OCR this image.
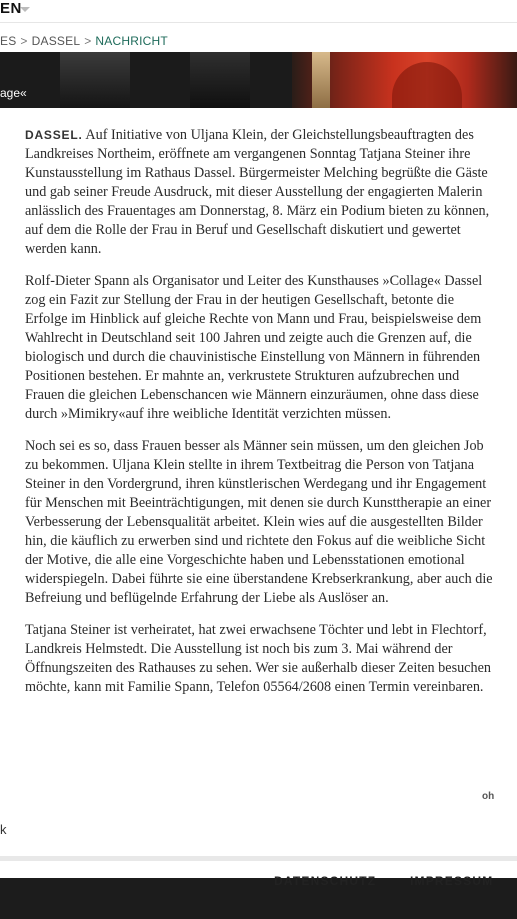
EN
ES > DASSEL > NACHRICHT
age«

DASSEL. Auf Initiative von Uljana Klein, der Gleichstellungsbeauftragten des Landkreises Northeim, eröffnete am vergangenen Sonntag Tatjana Steiner ihre Kunstausstellung im Rathaus Dassel. Bürgermeister Melching begrüßte die Gäste und gab seiner Freude Ausdruck, mit dieser Ausstellung der engagierten Malerin anlässlich des Frauentages am Donnerstag, 8. März ein Podium bieten zu können, auf dem die Rolle der Frau in Beruf und Gesellschaft diskutiert und gewertet werden kann.

Rolf-Dieter Spann als Organisator und Leiter des Kunsthauses »Collage« Dassel zog ein Fazit zur Stellung der Frau in der heutigen Gesellschaft, betonte die Erfolge im Hinblick auf gleiche Rechte von Mann und Frau, beispielsweise dem Wahlrecht in Deutschland seit 100 Jahren und zeigte auch die Grenzen auf, die biologisch und durch die chauvinistische Einstellung von Männern in führenden Positionen bestehen. Er mahnte an, verkrustete Strukturen aufzubrechen und Frauen die gleichen Lebenschancen wie Männern einzuräumen, ohne dass diese durch »Mimikry«auf ihre weibliche Identität verzichten müssen.

Noch sei es so, dass Frauen besser als Männer sein müssen, um den gleichen Job zu bekommen. Uljana Klein stellte in ihrem Textbeitrag die Person von Tatjana Steiner in den Vordergrund, ihren künstlerischen Werdegang und ihr Engagement für Menschen mit Beeinträchtigungen, mit denen sie durch Kunsttherapie an einer Verbesserung der Lebensqualität arbeitet. Klein wies auf die ausgestellten Bilder hin, die käuflich zu erwerben sind und richtete den Fokus auf die weibliche Sicht der Motive, die alle eine Vorgeschichte haben und Lebensstationen emotional widerspiegeln. Dabei führte sie eine überstandene Krebserkrankung, aber auch die Befreiung und beflügelnde Erfahrung der Liebe als Auslöser an.

Tatjana Steiner ist verheiratet, hat zwei erwachsene Töchter und lebt in Flechtorf, Landkreis Helmstedt. Die Ausstellung ist noch bis zum 3. Mai während der Öffnungszeiten des Rathauses zu sehen. Wer sie außerhalb dieser Zeiten besuchen möchte, kann mit Familie Spann, Telefon 05564/2608 einen Termin vereinbaren.

oh
k
DATENSCHUTZ	IMPRESSUM
